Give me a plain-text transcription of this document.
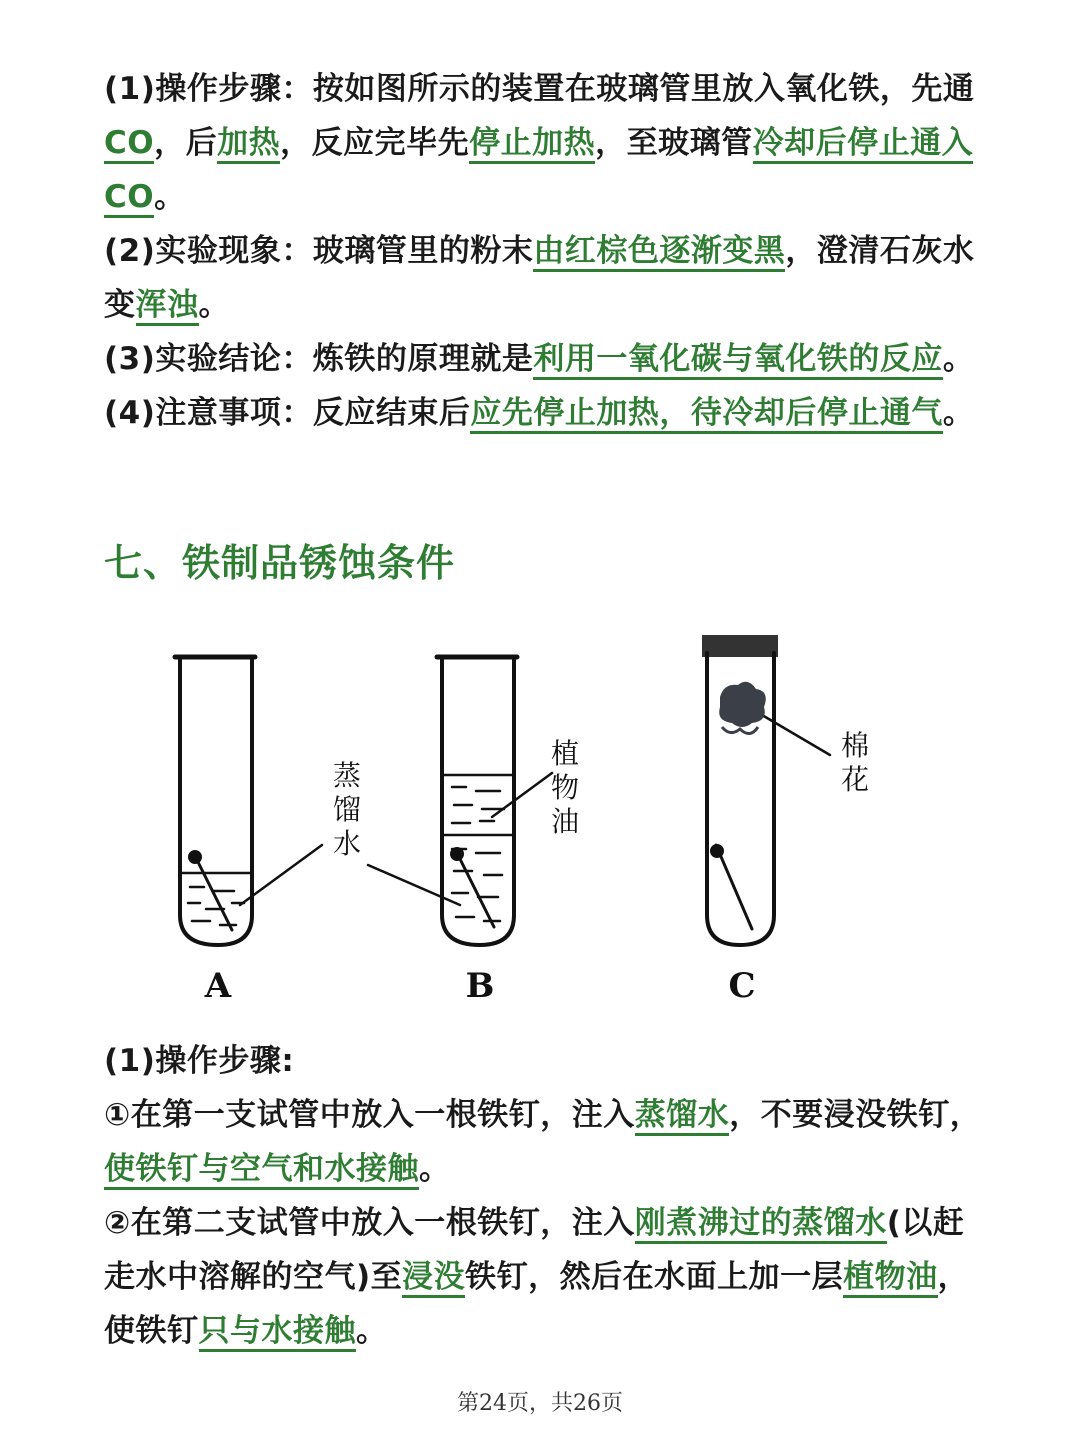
(1)操作步骤：按如图所示的装置在玻璃管里放入氧化铁，先通 CO，后加热，反应完毕先停止加热，至玻璃管冷却后停止通入 CO。

(2)实验现象：玻璃管里的粉末由红棕色逐渐变黑，澄清石灰水变浑浊。

(3)实验结论：炼铁的原理就是利用一氧化碳与氧化铁的反应。

(4)注意事项：反应结束后应先停止加热，待冷却后停止通气。

七、铁制品锈蚀条件
蒸馏水
植物油
棉花
A	B	C

(1)操作步骤:

①在第一支试管中放入一根铁钉，注入蒸馏水，不要浸没铁钉，使铁钉与空气和水接触。

②在第二支试管中放入一根铁钉，注入刚煮沸过的蒸馏水(以赶走水中溶解的空气)至浸没铁钉，然后在水面上加一层植物油，使铁钉只与水接触。

第24页，共26页
